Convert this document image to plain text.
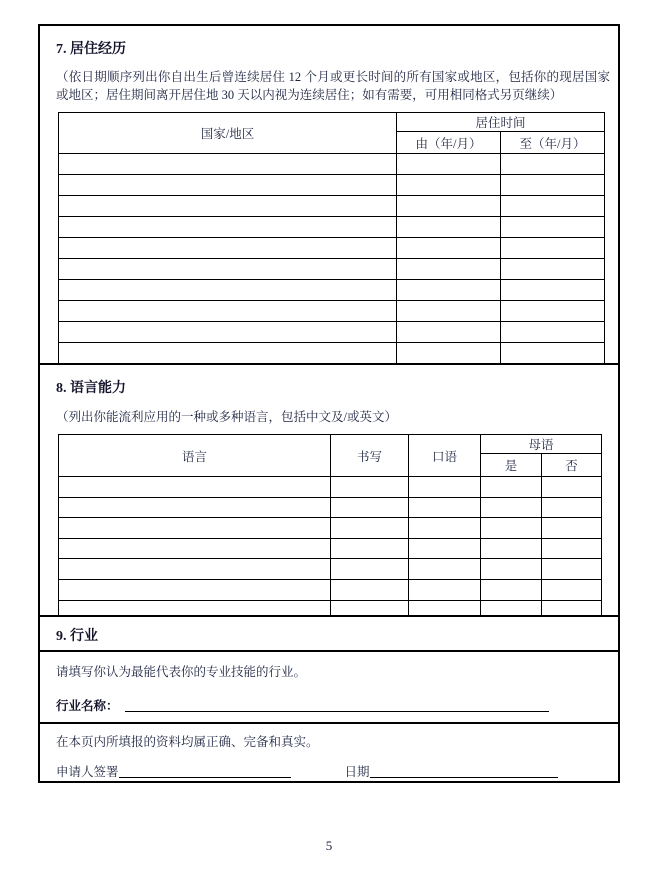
7. 居住经历

（依日期顺序列出你自出生后曾连续居住 12 个月或更长时间的所有国家或地区，包括你的现居国家或地区；居住期间离开居住地 30 天以内视为连续居住；如有需要，可用相同格式另页继续）

国家/地区	居住时间	
	由（年/月）	至（年/月）

8. 语言能力

（列出你能流利应用的一种或多种语言，包括中文及/或英文）

语言	书写	口语	母语	
			是	否

9. 行业

请填写你认为最能代表你的专业技能的行业。

行业名称：

在本页内所填报的资料均属正确、完备和真实。

申请人签署	日期
5
